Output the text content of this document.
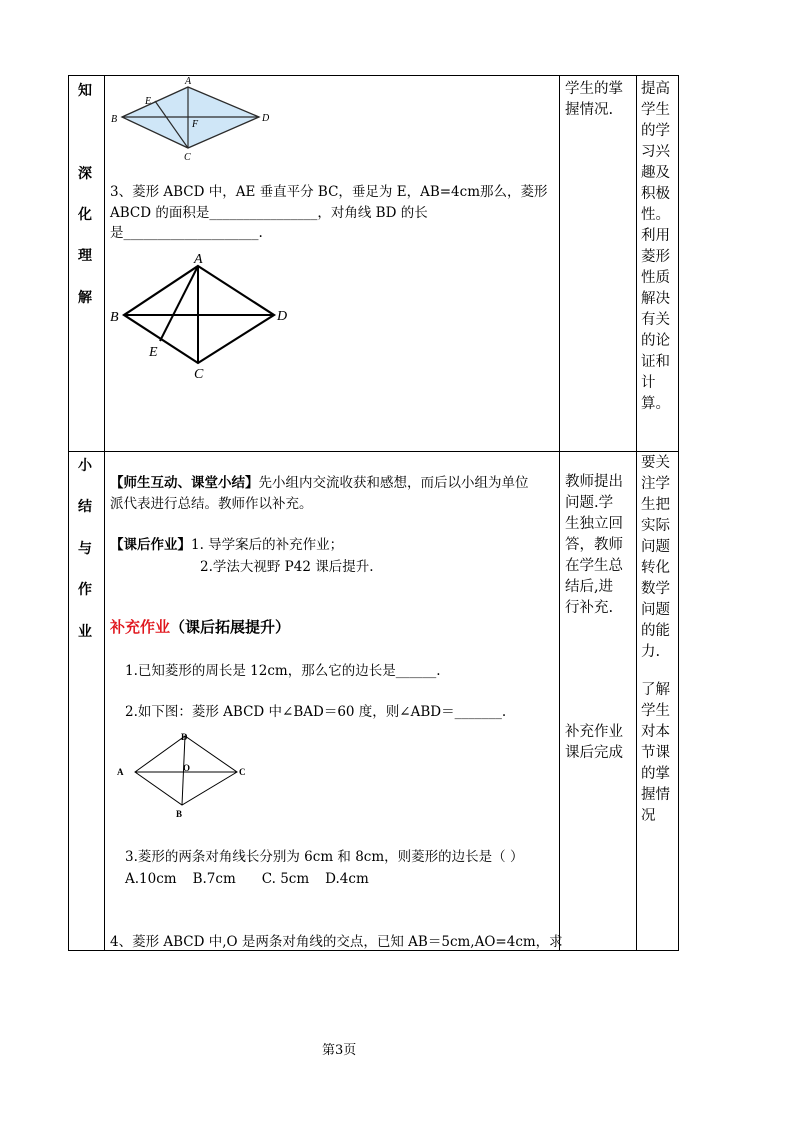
知
深
化
理
解
A
B
C
D
E
F
3、菱形 ABCD 中，AE 垂直平分 BC，垂足为 E，AB=4cm那么，菱形
ABCD 的面积是________________，对角线 BD 的长
是____________________.
A
B
C
D
E
学生的掌握情况.
提高学生的学习兴趣及积极性。利用菱形性质解决有关的论证和计算。
小
结
与
作
业
【师生互动、课堂小结】先小组内交流收获和感想，而后以小组为单位
派代表进行总结。教师作以补充。
【课后作业】1. 导学案后的补充作业；
2.学法大视野 P42 课后提升.
补充作业（课后拓展提升）
1.已知菱形的周长是 12cm，那么它的边长是______.
2.如下图：菱形 ABCD 中∠BAD＝60 度，则∠ABD＝_______.
D
A	O	C
B
3.菱形的两条对角线长分别为 6cm 和 8cm，则菱形的边长是（ ）
A.10cm B.7cm C. 5cm D.4cm
4、菱形 ABCD 中,O 是两条对角线的交点，已知 AB＝5cm,AO=4cm，求
教师提出问题.学生独立回答，教师在学生总结后,进行补充.
补充作业课后完成
要关注学生把实际问题转化数学问题的能力.
了解学生对本节课的掌握情况
第3页
